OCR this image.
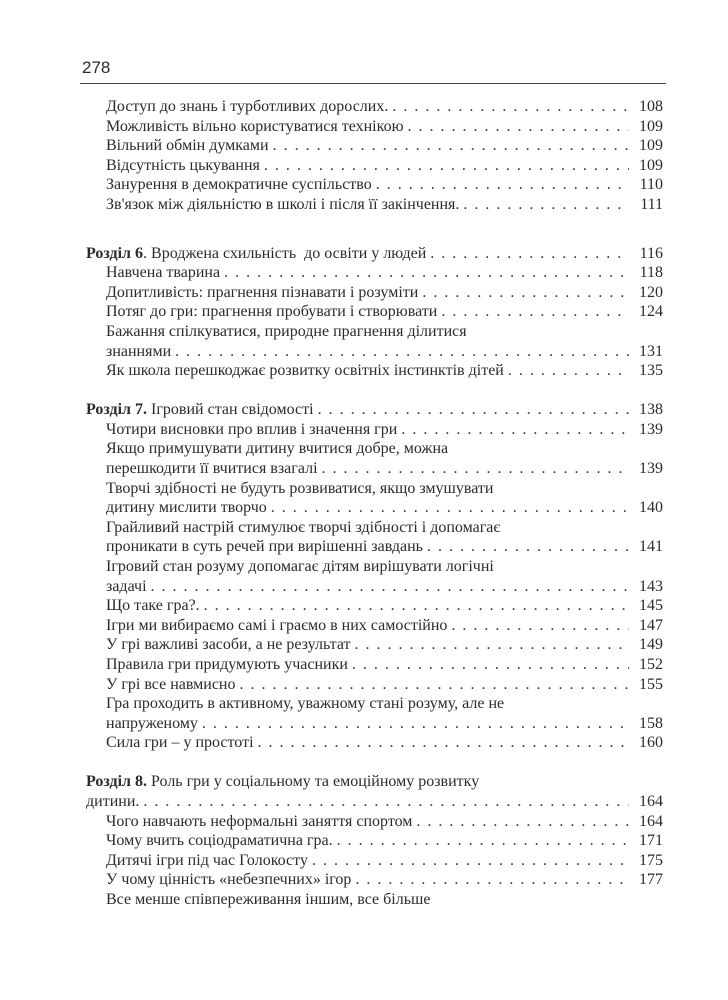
278
Доступ до знань і турботливих дорослих. . . .	108
Можливість вільно користуватися технікою . . .	109
Вільний обмін думками . . .	109
Відсутність цькування . . .	109
Занурення в демократичне суспільство . . .	110
Зв'язок між діяльністю в школі і після її закінчення. . . .	111
Розділ 6. Вроджена схильність  до освіти у людей . . .	116
Навчена тварина . . .	118
Допитливість: прагнення пізнавати і розуміти . . .	120
Потяг до гри: прагнення пробувати і створювати . . .	124
Бажання спілкуватися, природне прагнення ділитися
знаннями . . .	131
Як школа перешкоджає розвитку освітніх інстинктів дітей . . .	135
Розділ 7. Ігровий стан свідомості . . .	138
Чотири висновки про вплив і значення гри . . .	139
Якщо примушувати дитину вчитися добре, можна
перешкодити її вчитися взагалі . . .	139
Творчі здібності не будуть розвиватися, якщо змушувати
дитину мислити творчо . . .	140
Грайливий настрій стимулює творчі здібності і допомагає
проникати в суть речей при вирішенні завдань . . .	141
Ігровий стан розуму допомагає дітям вирішувати логічні
задачі . . .	143
Що таке гра?. . . .	145
Ігри ми вибираємо самі і граємо в них самостійно . . .	147
У грі важливі засоби, а не результат . . .	149
Правила гри придумують учасники . . .	152
У грі все навмисно . . .	155
Гра проходить в активному, уважному стані розуму, але не
напруженому . . .	158
Сила гри – у простоті . . .	160
Розділ 8. Роль гри у соціальному та емоційному розвитку
дитини. . . .	164
Чого навчають неформальні заняття спортом . . .	164
Чому вчить соціодраматична гра. . . .	171
Дитячі ігри під час Голокосту . . .	175
У чому цінність «небезпечних» ігор . . .	177
Все менше співпереживання іншим, все більше
